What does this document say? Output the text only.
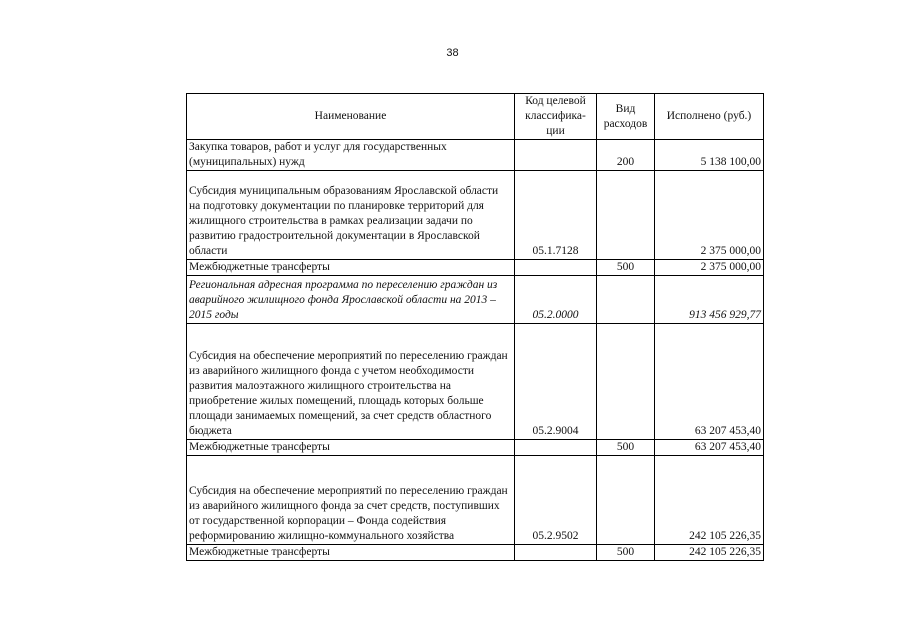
38
Наименование	Код целевой классифика-ции	Вид расходов	Исполнено (руб.)
Закупка товаров, работ и услуг для государственных (муниципальных) нужд		200	5 138 100,00
Субсидия муниципальным образованиям Ярославской области на подготовку документации по планировке территорий для жилищного строительства в рамках реализации задачи по развитию градостроительной документации в Ярославской области	05.1.7128		2 375 000,00
Межбюджетные трансферты		500	2 375 000,00
Региональная адресная программа по переселению граждан из аварийного жилищного фонда Ярославской области на 2013 – 2015 годы	05.2.0000		913 456 929,77
Субсидия на обеспечение мероприятий по переселению граждан из аварийного жилищного фонда с учетом необходимости развития малоэтажного жилищного строительства на приобретение жилых помещений, площадь которых больше площади занимаемых помещений, за счет средств областного бюджета	05.2.9004		63 207 453,40
Межбюджетные трансферты		500	63 207 453,40
Субсидия на обеспечение мероприятий по переселению граждан из аварийного жилищного фонда за счет средств, поступивших от государственной корпорации – Фонда содействия реформированию жилищно-коммунального хозяйства	05.2.9502		242 105 226,35
Межбюджетные трансферты		500	242 105 226,35
